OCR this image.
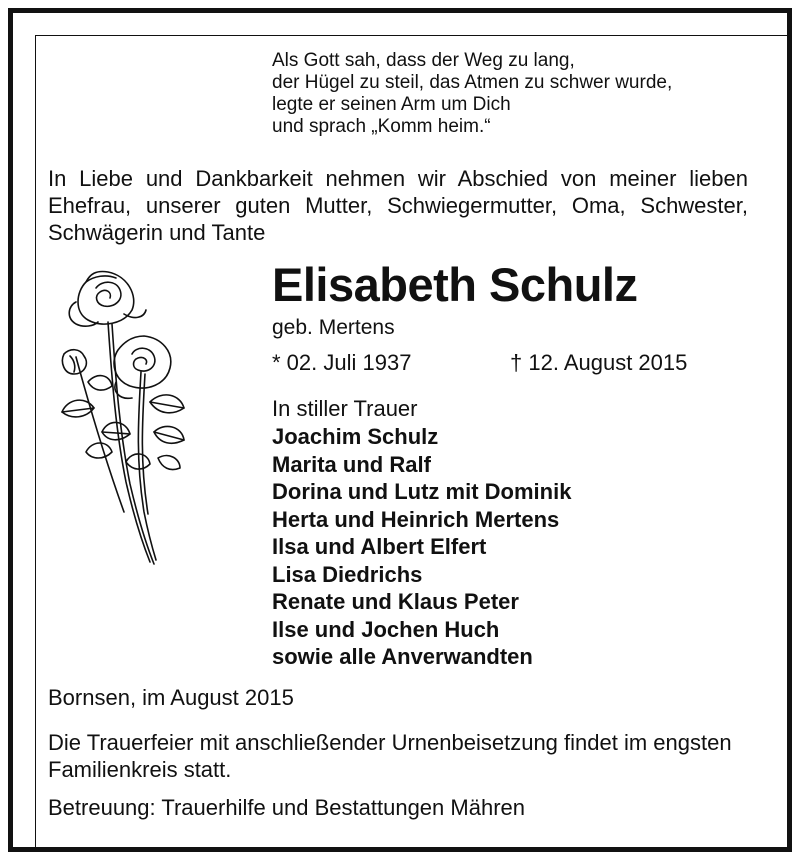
Als Gott sah, dass der Weg zu lang,
der Hügel zu steil, das Atmen zu schwer wurde,
legte er seinen Arm um Dich
und sprach „Komm heim.“
In Liebe und Dankbarkeit nehmen wir Abschied von meiner lieben Ehefrau, unserer guten Mutter, Schwiegermutter, Oma, Schwester, Schwägerin und Tante
Elisabeth Schulz
geb. Mertens
* 02. Juli 1937	† 12. August 2015
In stiller Trauer
Joachim Schulz
Marita und Ralf
Dorina und Lutz mit Dominik
Herta und Heinrich Mertens
Ilsa und Albert Elfert
Lisa Diedrichs
Renate und Klaus Peter
Ilse und Jochen Huch
sowie alle Anverwandten
Bornsen, im August 2015
Die Trauerfeier mit anschließender Urnenbeisetzung findet im engsten Familienkreis statt.
Betreuung: Trauerhilfe und Bestattungen Mähren
